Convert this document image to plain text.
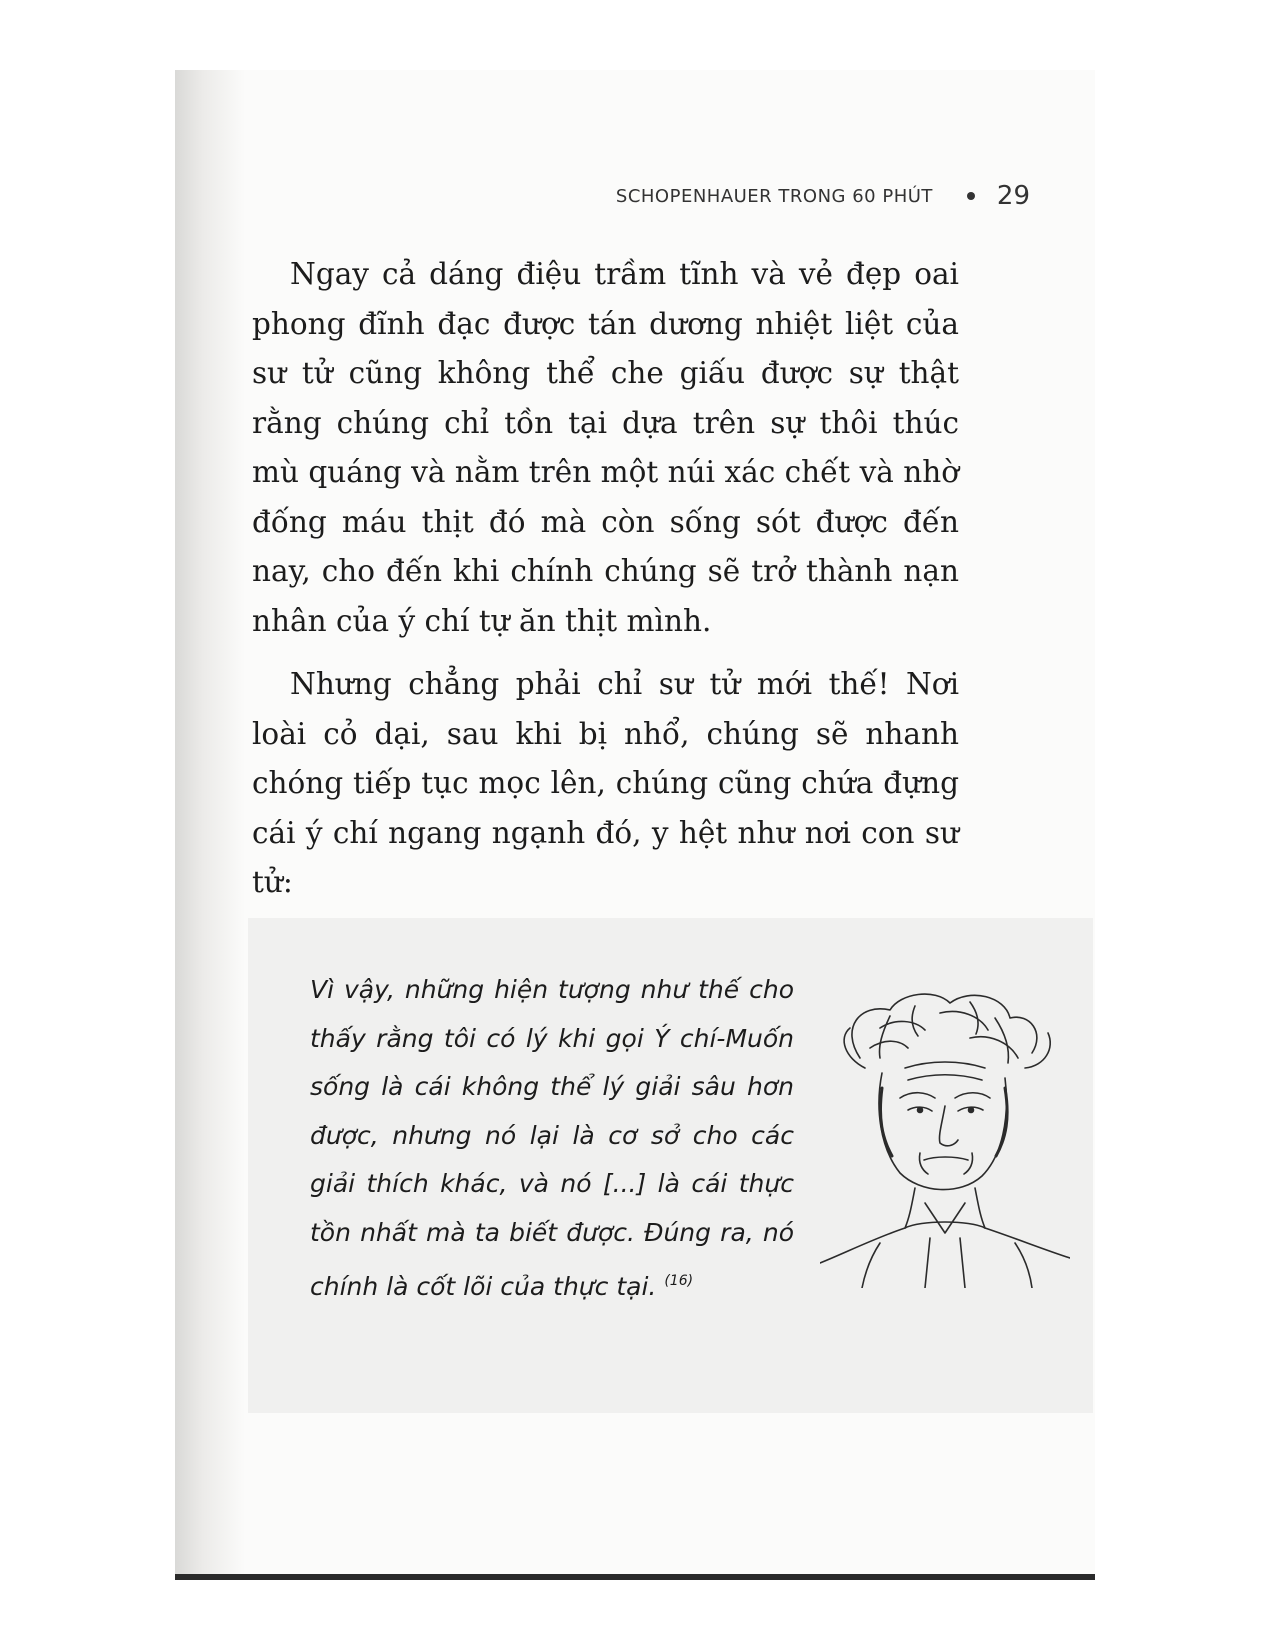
SCHOPENHAUER TRONG 60 PHÚT 29

Ngay cả dáng điệu trầm tĩnh và vẻ đẹp oai phong đĩnh đạc được tán dương nhiệt liệt của sư tử cũng không thể che giấu được sự thật rằng chúng chỉ tồn tại dựa trên sự thôi thúc mù quáng và nằm trên một núi xác chết và nhờ đống máu thịt đó mà còn sống sót được đến nay, cho đến khi chính chúng sẽ trở thành nạn nhân của ý chí tự ăn thịt mình.

Nhưng chẳng phải chỉ sư tử mới thế! Nơi loài cỏ dại, sau khi bị nhổ, chúng sẽ nhanh chóng tiếp tục mọc lên, chúng cũng chứa đựng cái ý chí ngang ngạnh đó, y hệt như nơi con sư tử:

Vì vậy, những hiện tượng như thế cho thấy rằng tôi có lý khi gọi Ý chí-Muốn sống là cái không thể lý giải sâu hơn được, nhưng nó lại là cơ sở cho các giải thích khác, và nó [...] là cái thực tồn nhất mà ta biết được. Đúng ra, nó chính là cốt lõi của thực tại. $^{(16)}$
